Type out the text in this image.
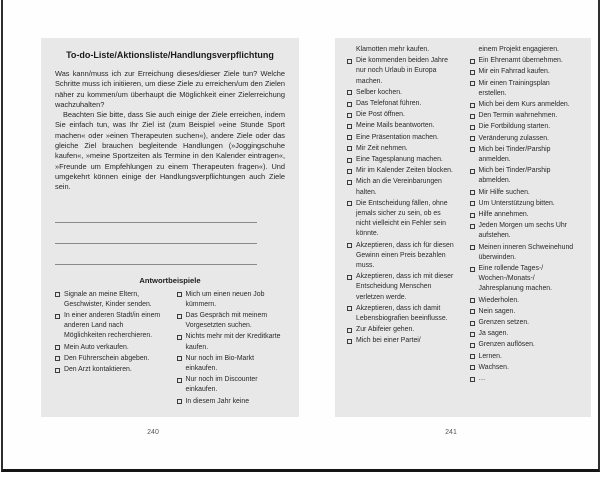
To-do-Liste/Aktionsliste/Handlungsverpflichtung

Was kann/muss ich zur Erreichung dieses/dieser Ziele tun? Welche Schritte muss ich initiieren, um diese Ziele zu erreichen/um den Zielen näher zu kommen/um überhaupt die Möglichkeit einer Zielerreichung wachzuhalten?

Beachten Sie bitte, dass Sie auch einige der Ziele erreichen, indem Sie einfach tun, was Ihr Ziel ist (zum Beispiel »eine Stunde Sport machen« oder »einen Therapeuten suchen«), andere Ziele oder das gleiche Ziel brauchen begleitende Handlungen (»Joggingschuhe kaufen«, »meine Sportzeiten als Termine in den Kalender eintragen«, »Freunde um Empfehlungen zu einem Therapeuten fragen«). Und umgekehrt können einige der Handlungsverpflichtungen auch Ziele sein.

Antwortbeispiele
Signale an meine Eltern, Geschwister, Kinder senden.
In einer anderen Stadt/in einem anderen Land nach Möglichkeiten recherchieren.
Mein Auto verkaufen.
Den Führerschein abgeben.
Den Arzt kontaktieren.
Mich um einen neuen Job kümmern.
Das Gespräch mit meinem Vorgesetzten suchen.
Nichts mehr mit der Kreditkarte kaufen.
Nur noch im Bio-Markt einkaufen.
Nur noch im Discounter einkaufen.
In diesem Jahr keine
240
Klamotten mehr kaufen.
Die kommenden beiden Jahre nur noch Urlaub in Europa machen.
Selber kochen.
Das Telefonat führen.
Die Post öffnen.
Meine Mails beantworten.
Eine Präsentation machen.
Mir Zeit nehmen.
Eine Tagesplanung machen.
Mir im Kalender Zeiten blocken.
Mich an die Vereinbarungen halten.
Die Entscheidung fällen, ohne jemals sicher zu sein, ob es nicht vielleicht ein Fehler sein könnte.
Akzeptieren, dass ich für diesen Gewinn einen Preis bezahlen muss.
Akzeptieren, dass ich mit dieser Entscheidung Menschen verletzen werde.
Akzeptieren, dass ich damit Lebensbiografien beeinflusse.
Zur Abifeier gehen.
Mich bei einer Partei/
einem Projekt engagieren.
Ein Ehrenamt übernehmen.
Mir ein Fahrrad kaufen.
Mir einen Trainingsplan erstellen.
Mich bei dem Kurs anmelden.
Den Termin wahrnehmen.
Die Fortbildung starten.
Veränderung zulassen.
Mich bei Tinder/Parship anmelden.
Mich bei Tinder/Parship abmelden.
Mir Hilfe suchen.
Um Unterstützung bitten.
Hilfe annehmen.
Jeden Morgen um sechs Uhr aufstehen.
Meinen inneren Schweinehund überwinden.
Eine rollende Tages-/ Wochen-/Monats-/ Jahresplanung machen.
Wiederholen.
Nein sagen.
Grenzen setzen.
Ja sagen.
Grenzen auflösen.
Lernen.
Wachsen.
…
241
